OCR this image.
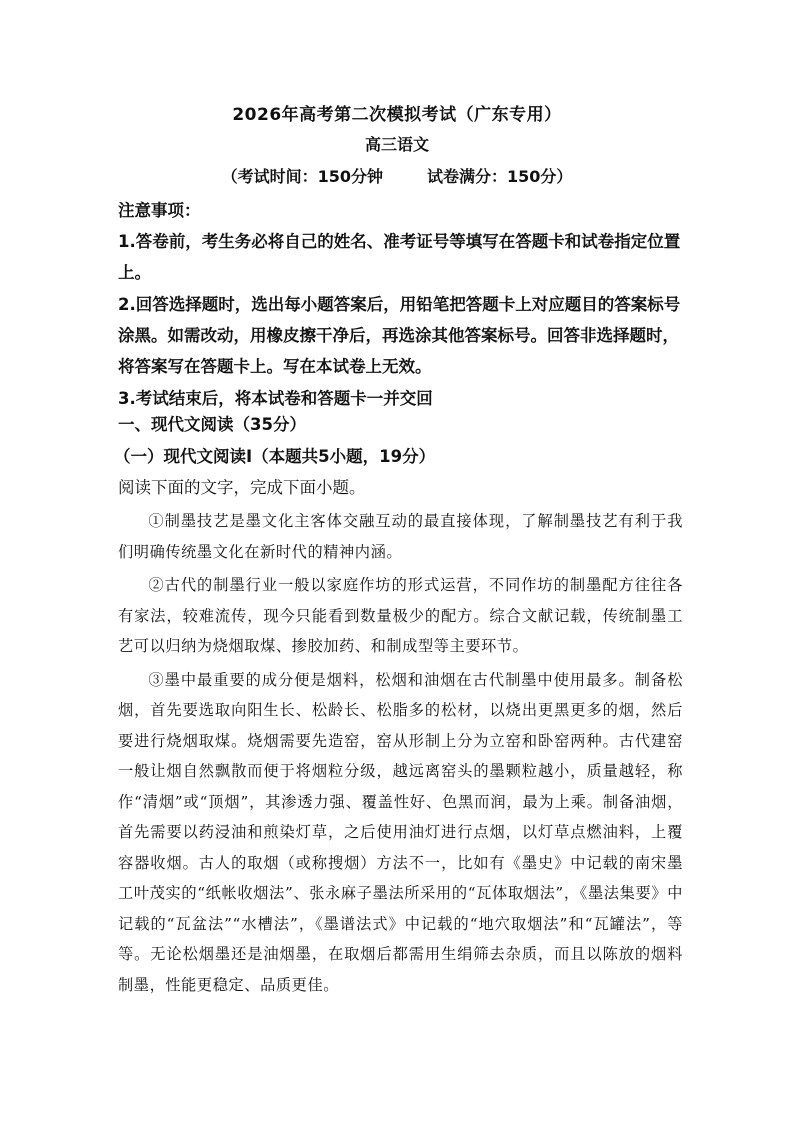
2026年高考第二次模拟考试（广东专用）
高三语文
（考试时间：150分钟	试卷满分：150分）
注意事项：
1.答卷前，考生务必将自己的姓名、准考证号等填写在答题卡和试卷指定位置上。
2.回答选择题时，选出每小题答案后，用铅笔把答题卡上对应题目的答案标号涂黑。如需改动，用橡皮擦干净后，再选涂其他答案标号。回答非选择题时，将答案写在答题卡上。写在本试卷上无效。
3.考试结束后，将本试卷和答题卡一并交回
一、现代文阅读（35分）
（一）现代文阅读Ⅰ（本题共5小题，19分）
阅读下面的文字，完成下面小题。

①制墨技艺是墨文化主客体交融互动的最直接体现，了解制墨技艺有利于我们明确传统墨文化在新时代的精神内涵。

②古代的制墨行业一般以家庭作坊的形式运营，不同作坊的制墨配方往往各有家法，较难流传，现今只能看到数量极少的配方。综合文献记载，传统制墨工艺可以归纳为烧烟取煤、掺胶加药、和制成型等主要环节。

③墨中最重要的成分便是烟料，松烟和油烟在古代制墨中使用最多。制备松烟，首先要选取向阳生长、松龄长、松脂多的松材，以烧出更黑更多的烟，然后要进行烧烟取煤。烧烟需要先造窑，窑从形制上分为立窑和卧窑两种。古代建窑一般让烟自然飘散而便于将烟粒分级，越远离窑头的墨颗粒越小，质量越轻，称作“清烟”或“顶烟”，其渗透力强、覆盖性好、色黑而润，最为上乘。制备油烟，首先需要以药浸油和煎染灯草，之后使用油灯进行点烟，以灯草点燃油料，上覆容器收烟。古人的取烟（或称搜烟）方法不一，比如有《墨史》中记载的南宋墨工叶茂实的“纸帐收烟法”、张永麻子墨法所采用的“瓦体取烟法”，《墨法集要》中记载的“瓦盆法”“水槽法”，《墨谱法式》中记载的“地穴取烟法”和“瓦罐法”，等等。无论松烟墨还是油烟墨，在取烟后都需用生绢筛去杂质，而且以陈放的烟料制墨，性能更稳定、品质更佳。
